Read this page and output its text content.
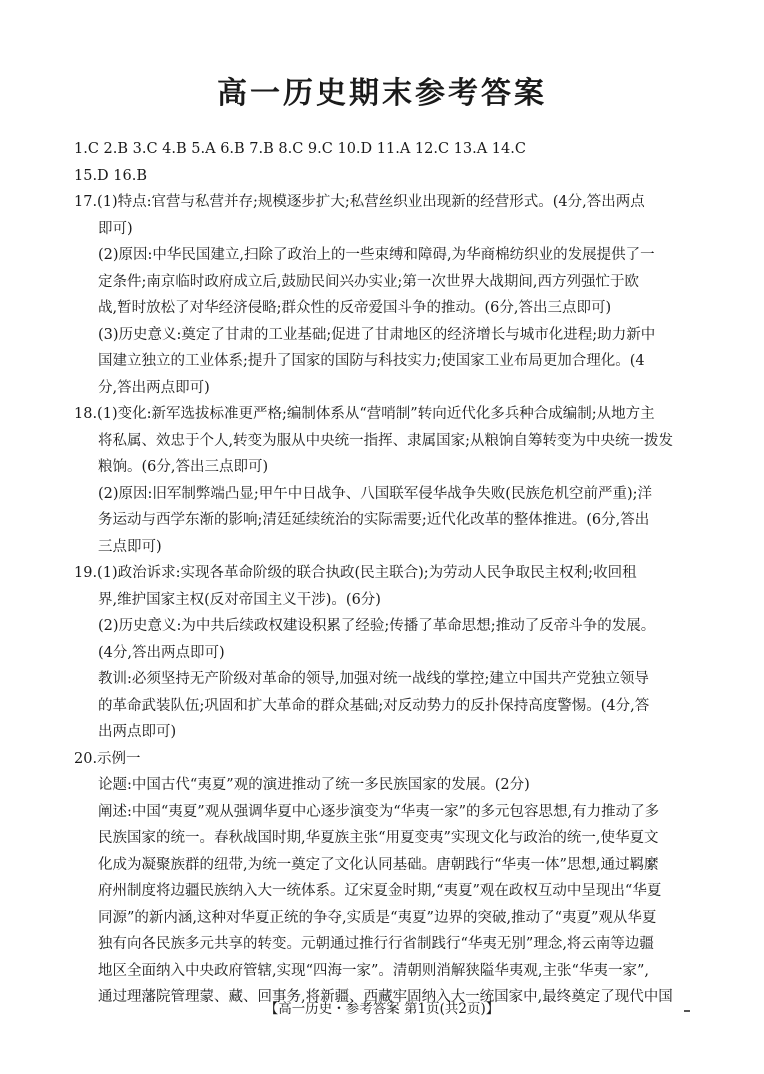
高一历史期末参考答案
1.C 2.B 3.C 4.B 5.A 6.B 7.B 8.C 9.C 10.D 11.A 12.C 13.A 14.C
15.D 16.B
17.(1)特点:官营与私营并存;规模逐步扩大;私营丝织业出现新的经营形式。(4分,答出两点
即可)
(2)原因:中华民国建立,扫除了政治上的一些束缚和障碍,为华商棉纺织业的发展提供了一
定条件;南京临时政府成立后,鼓励民间兴办实业;第一次世界大战期间,西方列强忙于欧
战,暂时放松了对华经济侵略;群众性的反帝爱国斗争的推动。(6分,答出三点即可)
(3)历史意义:奠定了甘肃的工业基础;促进了甘肃地区的经济增长与城市化进程;助力新中
国建立独立的工业体系;提升了国家的国防与科技实力;使国家工业布局更加合理化。(4
分,答出两点即可)
18.(1)变化:新军选拔标准更严格;编制体系从“营哨制”转向近代化多兵种合成编制;从地方主
将私属、效忠于个人,转变为服从中央统一指挥、隶属国家;从粮饷自筹转变为中央统一拨发
粮饷。(6分,答出三点即可)
(2)原因:旧军制弊端凸显;甲午中日战争、八国联军侵华战争失败(民族危机空前严重);洋
务运动与西学东渐的影响;清廷延续统治的实际需要;近代化改革的整体推进。(6分,答出
三点即可)
19.(1)政治诉求:实现各革命阶级的联合执政(民主联合);为劳动人民争取民主权利;收回租
界,维护国家主权(反对帝国主义干涉)。(6分)
(2)历史意义:为中共后续政权建设积累了经验;传播了革命思想;推动了反帝斗争的发展。
(4分,答出两点即可)
教训:必须坚持无产阶级对革命的领导,加强对统一战线的掌控;建立中国共产党独立领导
的革命武装队伍;巩固和扩大革命的群众基础;对反动势力的反扑保持高度警惕。(4分,答
出两点即可)
20.示例一
论题:中国古代“夷夏”观的演进推动了统一多民族国家的发展。(2分)
阐述:中国“夷夏”观从强调华夏中心逐步演变为“华夷一家”的多元包容思想,有力推动了多
民族国家的统一。春秋战国时期,华夏族主张“用夏变夷”实现文化与政治的统一,使华夏文
化成为凝聚族群的纽带,为统一奠定了文化认同基础。唐朝践行“华夷一体”思想,通过羁縻
府州制度将边疆民族纳入大一统体系。辽宋夏金时期,“夷夏”观在政权互动中呈现出“华夏
同源”的新内涵,这种对华夏正统的争夺,实质是“夷夏”边界的突破,推动了“夷夏”观从华夏
独有向各民族多元共享的转变。元朝通过推行行省制践行“华夷无别”理念,将云南等边疆
地区全面纳入中央政府管辖,实现“四海一家”。清朝则消解狭隘华夷观,主张“华夷一家”,
通过理藩院管理蒙、藏、回事务,将新疆、西藏牢固纳入大一统国家中,最终奠定了现代中国
【高一历史・参考答案 第1页(共2页)】
